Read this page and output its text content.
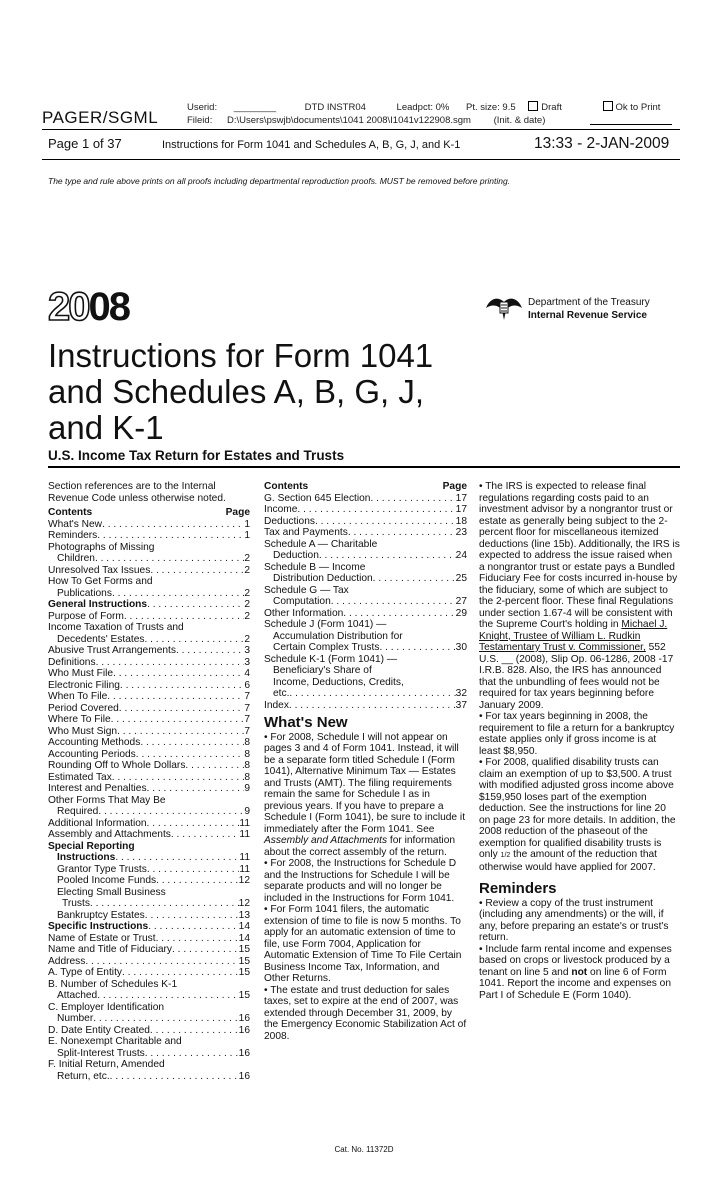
Userid: ________	DTD INSTR04	Leadpct: 0% Pt. size: 9.5	Draft	Ok to Print
PAGER/SGML	Fileid: D:\Users\pswjb\documents\1041 2008\I1041v122908.sgm (Init. & date)
Page 1 of 37	Instructions for Form 1041 and Schedules A, B, G, J, and K-1	13:33 - 2-JAN-2009
The type and rule above prints on all proofs including departmental reproduction proofs. MUST be removed before printing.
2008	Department of the Treasury
Internal Revenue Service
Instructions for Form 1041
and Schedules A, B, G, J,
and K-1
U.S. Income Tax Return for Estates and Trusts

Section references are to the Internal Revenue Code unless otherwise noted.

Contents	Page
What's New . . .	1
Reminders . . .	1
Photographs of Missing
Children . . .	2
Unresolved Tax Issues . . .	2
How To Get Forms and
Publications . . .	2
General Instructions . . .	2
Purpose of Form . . .	2
Income Taxation of Trusts and
Decedents' Estates . . .	2
Abusive Trust Arrangements . . .	3
Definitions . . .	3
Who Must File . . .	4
Electronic Filing . . .	6
When To File . . .	7
Period Covered . . .	7
Where To File . . .	7
Who Must Sign . . .	7
Accounting Methods . . .	8
Accounting Periods . . .	8
Rounding Off to Whole Dollars . . .	8
Estimated Tax . . .	8
Interest and Penalties . . .	9
Other Forms That May Be
Required . . .	9
Additional Information . . .	11
Assembly and Attachments . . .	11
Special Reporting
Instructions . . .	11
Grantor Type Trusts . . .	11
Pooled Income Funds . . .	12
Electing Small Business
Trusts . . .	12
Bankruptcy Estates . . .	13
Specific Instructions . . .	14
Name of Estate or Trust . . .	14
Name and Title of Fiduciary . . .	15
Address . . .	15
A. Type of Entity . . .	15
B. Number of Schedules K-1
Attached . . .	15
C. Employer Identification
Number . . .	16
D. Date Entity Created . . .	16
E. Nonexempt Charitable and
Split-Interest Trusts . . .	16
F. Initial Return, Amended
Return, etc. . . .	16
Contents	Page
G. Section 645 Election . . .	17
Income . . .	17
Deductions . . .	18
Tax and Payments . . .	23
Schedule A — Charitable
Deduction . . .	24
Schedule B — Income
Distribution Deduction . . .	25
Schedule G — Tax
Computation . . .	27
Other Information . . .	29
Schedule J (Form 1041) —
Accumulation Distribution for
Certain Complex Trusts . . .	30
Schedule K-1 (Form 1041) —
Beneficiary's Share of
Income, Deductions, Credits,
etc. . . .	32
Index . . .	37
What's New

• For 2008, Schedule I will not appear on pages 3 and 4 of Form 1041. Instead, it will be a separate form titled Schedule I (Form 1041), Alternative Minimum Tax — Estates and Trusts (AMT). The filing requirements remain the same for Schedule I as in previous years. If you have to prepare a Schedule I (Form 1041), be sure to include it immediately after the Form 1041. See Assembly and Attachments for information about the correct assembly of the return.

• For 2008, the Instructions for Schedule D and the Instructions for Schedule I will be separate products and will no longer be included in the Instructions for Form 1041.

• For Form 1041 filers, the automatic extension of time to file is now 5 months. To apply for an automatic extension of time to file, use Form 7004, Application for Automatic Extension of Time To File Certain Business Income Tax, Information, and Other Returns.

• The estate and trust deduction for sales taxes, set to expire at the end of 2007, was extended through December 31, 2009, by the Emergency Economic Stabilization Act of 2008.

• The IRS is expected to release final regulations regarding costs paid to an investment advisor by a nongrantor trust or estate as generally being subject to the 2-percent floor for miscellaneous itemized deductions (line 15b). Additionally, the IRS is expected to address the issue raised when a nongrantor trust or estate pays a Bundled Fiduciary Fee for costs incurred in-house by the fiduciary, some of which are subject to the 2-percent floor. These final Regulations under section 1.67-4 will be consistent with the Supreme Court's holding in Michael J. Knight, Trustee of William L. Rudkin Testamentary Trust v. Commissioner, 552 U.S. __ (2008), Slip Op. 06-1286, 2008 -17 I.R.B. 828. Also, the IRS has announced that the unbundling of fees would not be required for tax years beginning before January 2009.

• For tax years beginning in 2008, the requirement to file a return for a bankruptcy estate applies only if gross income is at least $8,950.

• For 2008, qualified disability trusts can claim an exemption of up to $3,500. A trust with modified adjusted gross income above $159,950 loses part of the exemption deduction. See the instructions for line 20 on page 23 for more details. In addition, the 2008 reduction of the phaseout of the exemption for qualified disability trusts is only 1/2 the amount of the reduction that otherwise would have applied for 2007.

Reminders

• Review a copy of the trust instrument (including any amendments) or the will, if any, before preparing an estate's or trust's return.

• Include farm rental income and expenses based on crops or livestock produced by a tenant on line 5 and not on line 6 of Form 1041. Report the income and expenses on Part I of Schedule E (Form 1040).

Cat. No. 11372D
